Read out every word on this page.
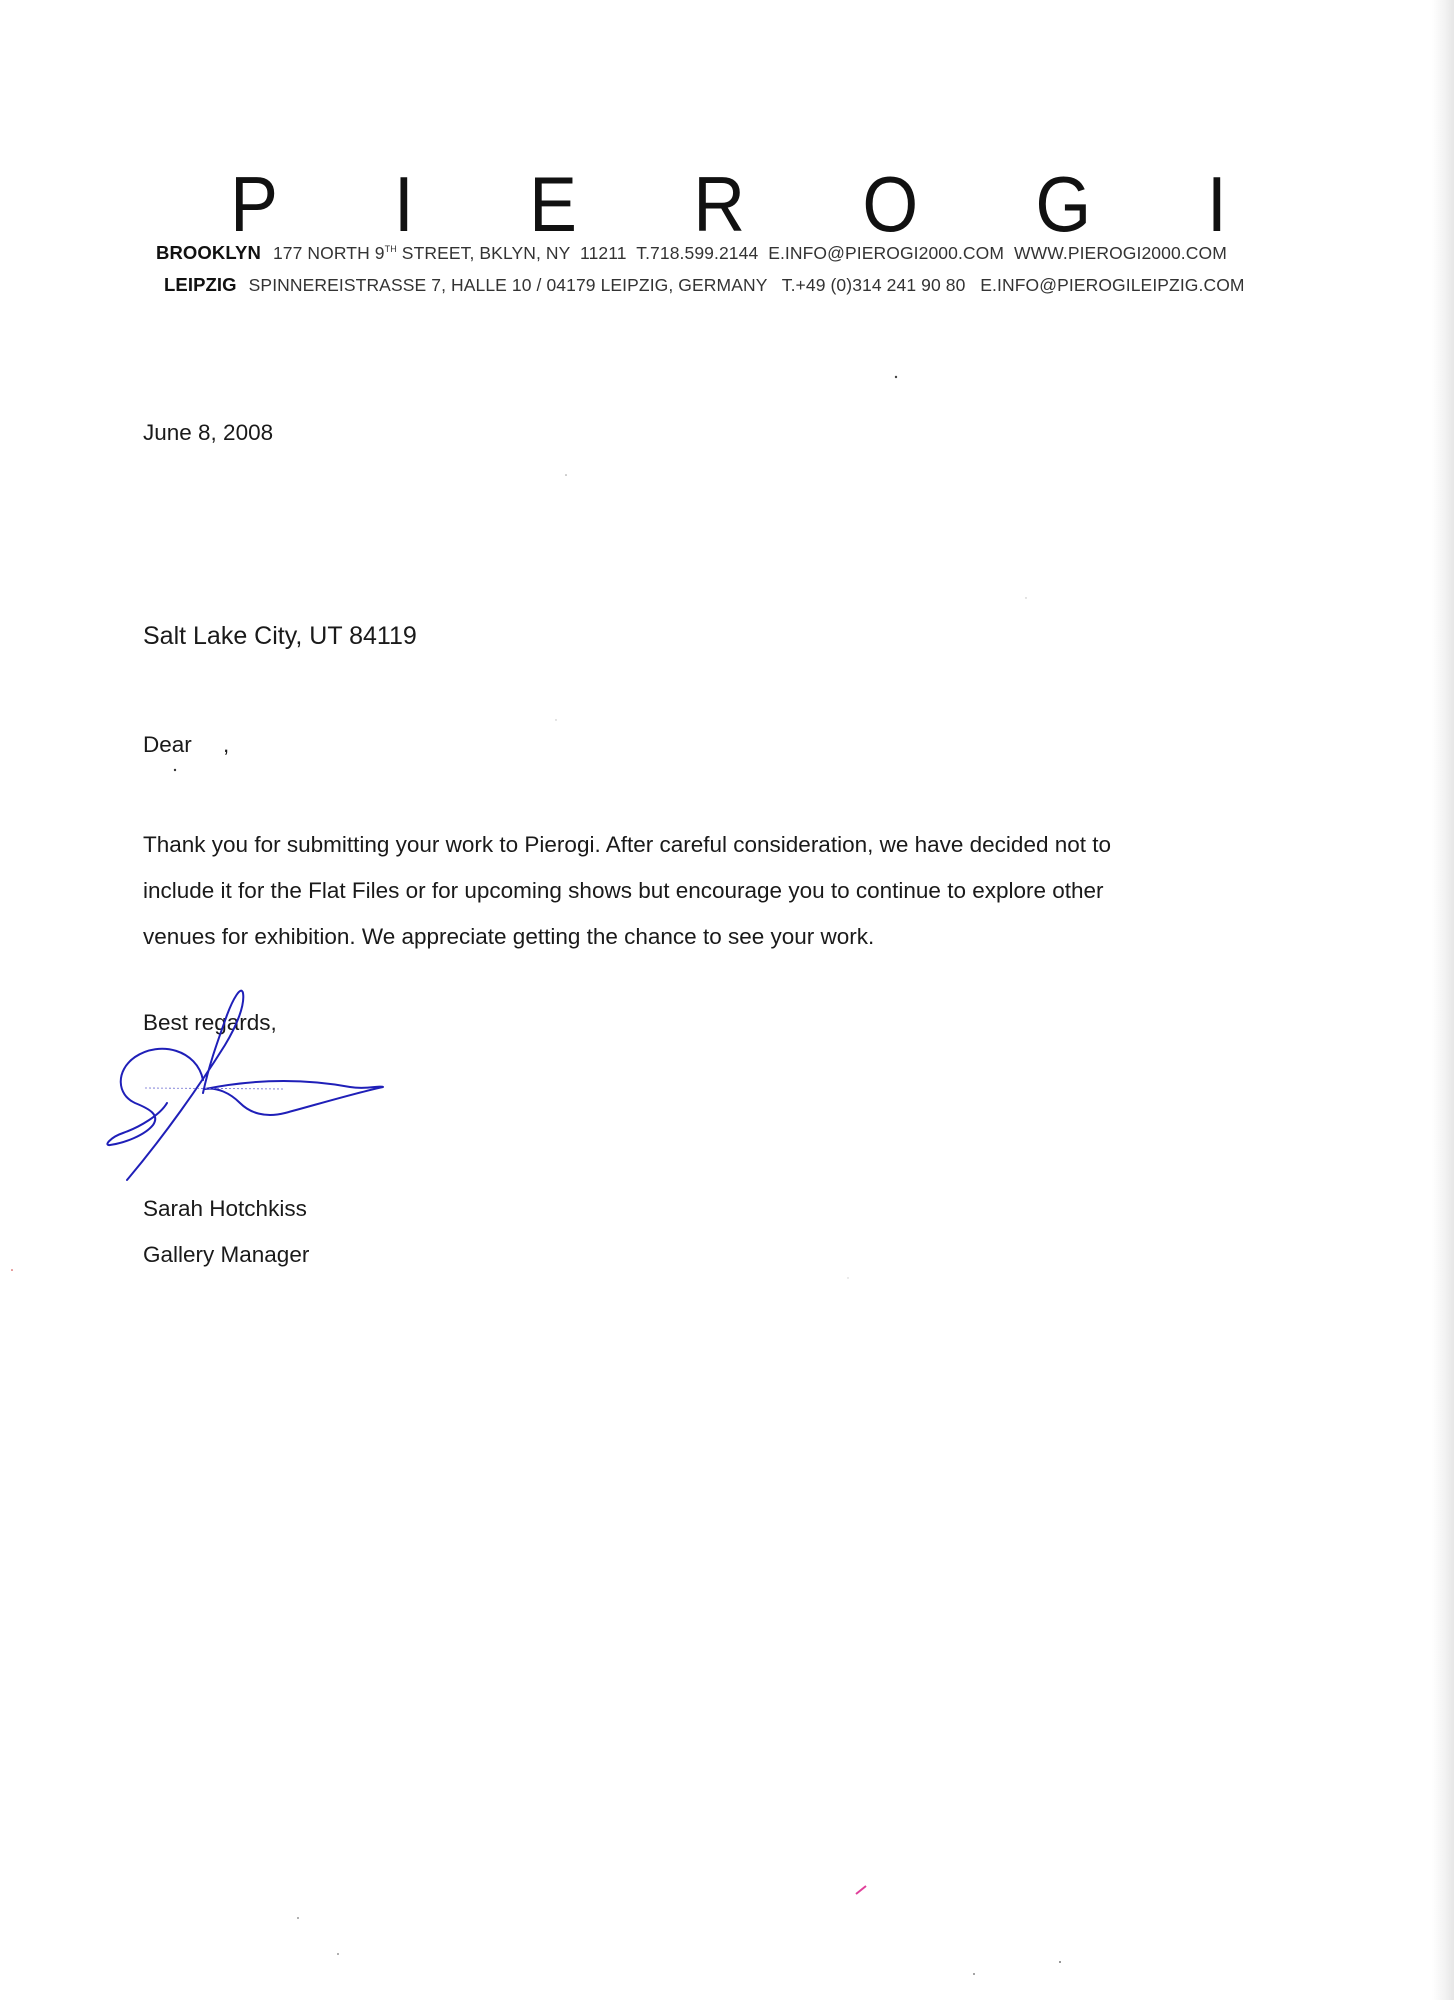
P I E R O G I
BROOKLYN 177 NORTH 9TH STREET, BKLYN, NY  11211  T.718.599.2144  E.INFO@PIEROGI2000.COM  WWW.PIEROGI2000.COM
LEIPZIG SPINNEREISTRASSE 7, HALLE 10 / 04179 LEIPZIG, GERMANY   T.+49 (0)314 241 90 80   E.INFO@PIEROGILEIPZIG.COM
June 8, 2008
Salt Lake City, UT 84119
Dear     ,
Thank you for submitting your work to Pierogi. After careful consideration, we have decided not to
include it for the Flat Files or for upcoming shows but encourage you to continue to explore other
venues for exhibition. We appreciate getting the chance to see your work.
Best regards,
Sarah Hotchkiss
Gallery Manager
